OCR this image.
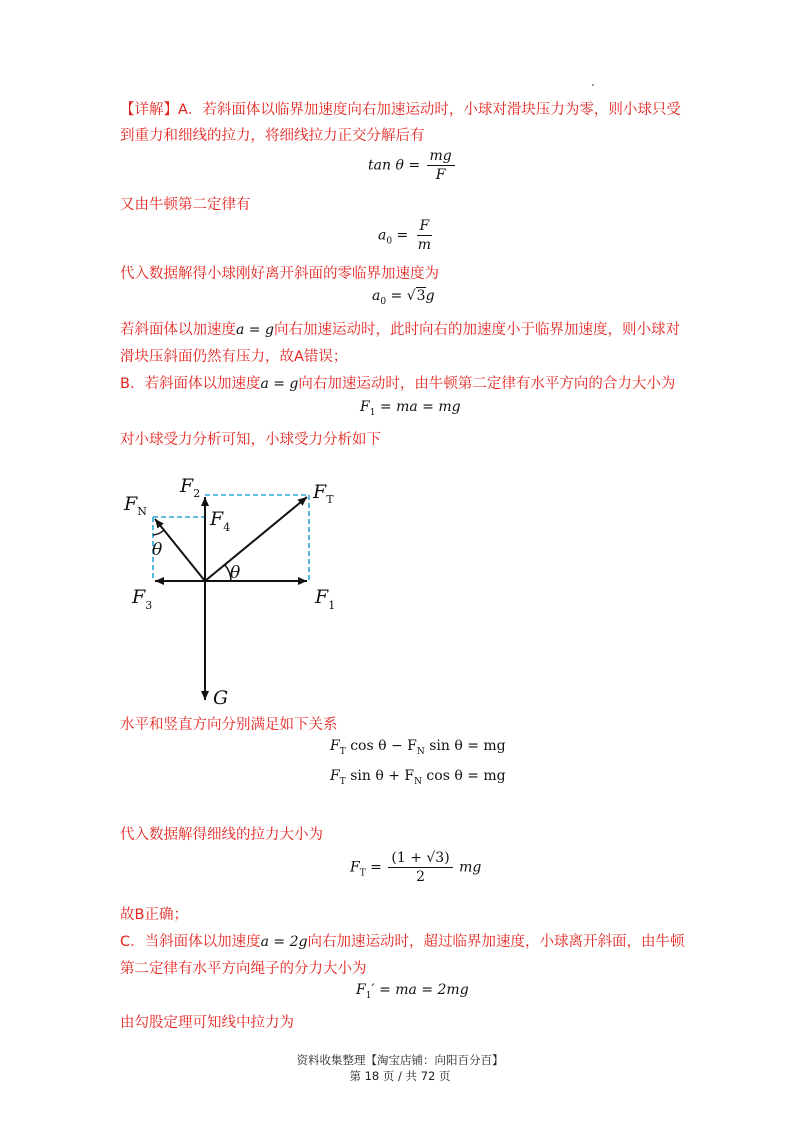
【详解】A．若斜面体以临界加速度向右加速运动时，小球对滑块压力为零，则小球只受
到重力和细线的拉力，将细线拉力正交分解后有
$\tan \theta = \frac{mg}{F}$
又由牛顿第二定律有
$a_0 = \frac{F}{m}$
代入数据解得小球刚好离开斜面的零临界加速度为
$a_0 = √3g$
若斜面体以加速度a = g向右加速运动时，此时向右的加速度小于临界加速度，则小球对
滑块压斜面仍然有压力，故A错误；
B．若斜面体以加速度a = g向右加速运动时，由牛顿第二定律有水平方向的合力大小为
$F_1$ = ma = mg
对小球受力分析可知，小球受力分析如下
$F_2$	$F_T$
$F_N$	$F_4$
θ
θ
$F_3$	$F_1$
G
水平和竖直方向分别满足如下关系
$F_T$ $\cos \theta - F_N$ sin θ = mg
$F_T$ $\sin \theta + F_N$ cos θ = mg
代入数据解得细线的拉力大小为
$F_T = \frac{(1 + √3)}{2}$ mg
故B正确；
C．当斜面体以加速度a = 2g向右加速运动时，超过临界加速度，小球离开斜面，由牛顿
第二定律有水平方向绳子的分力大小为
$F_1'$ = ma = 2mg
由勾股定理可知线中拉力为
资料收集整理【淘宝店铺：向阳百分百】
第 18 页 / 共 72 页
